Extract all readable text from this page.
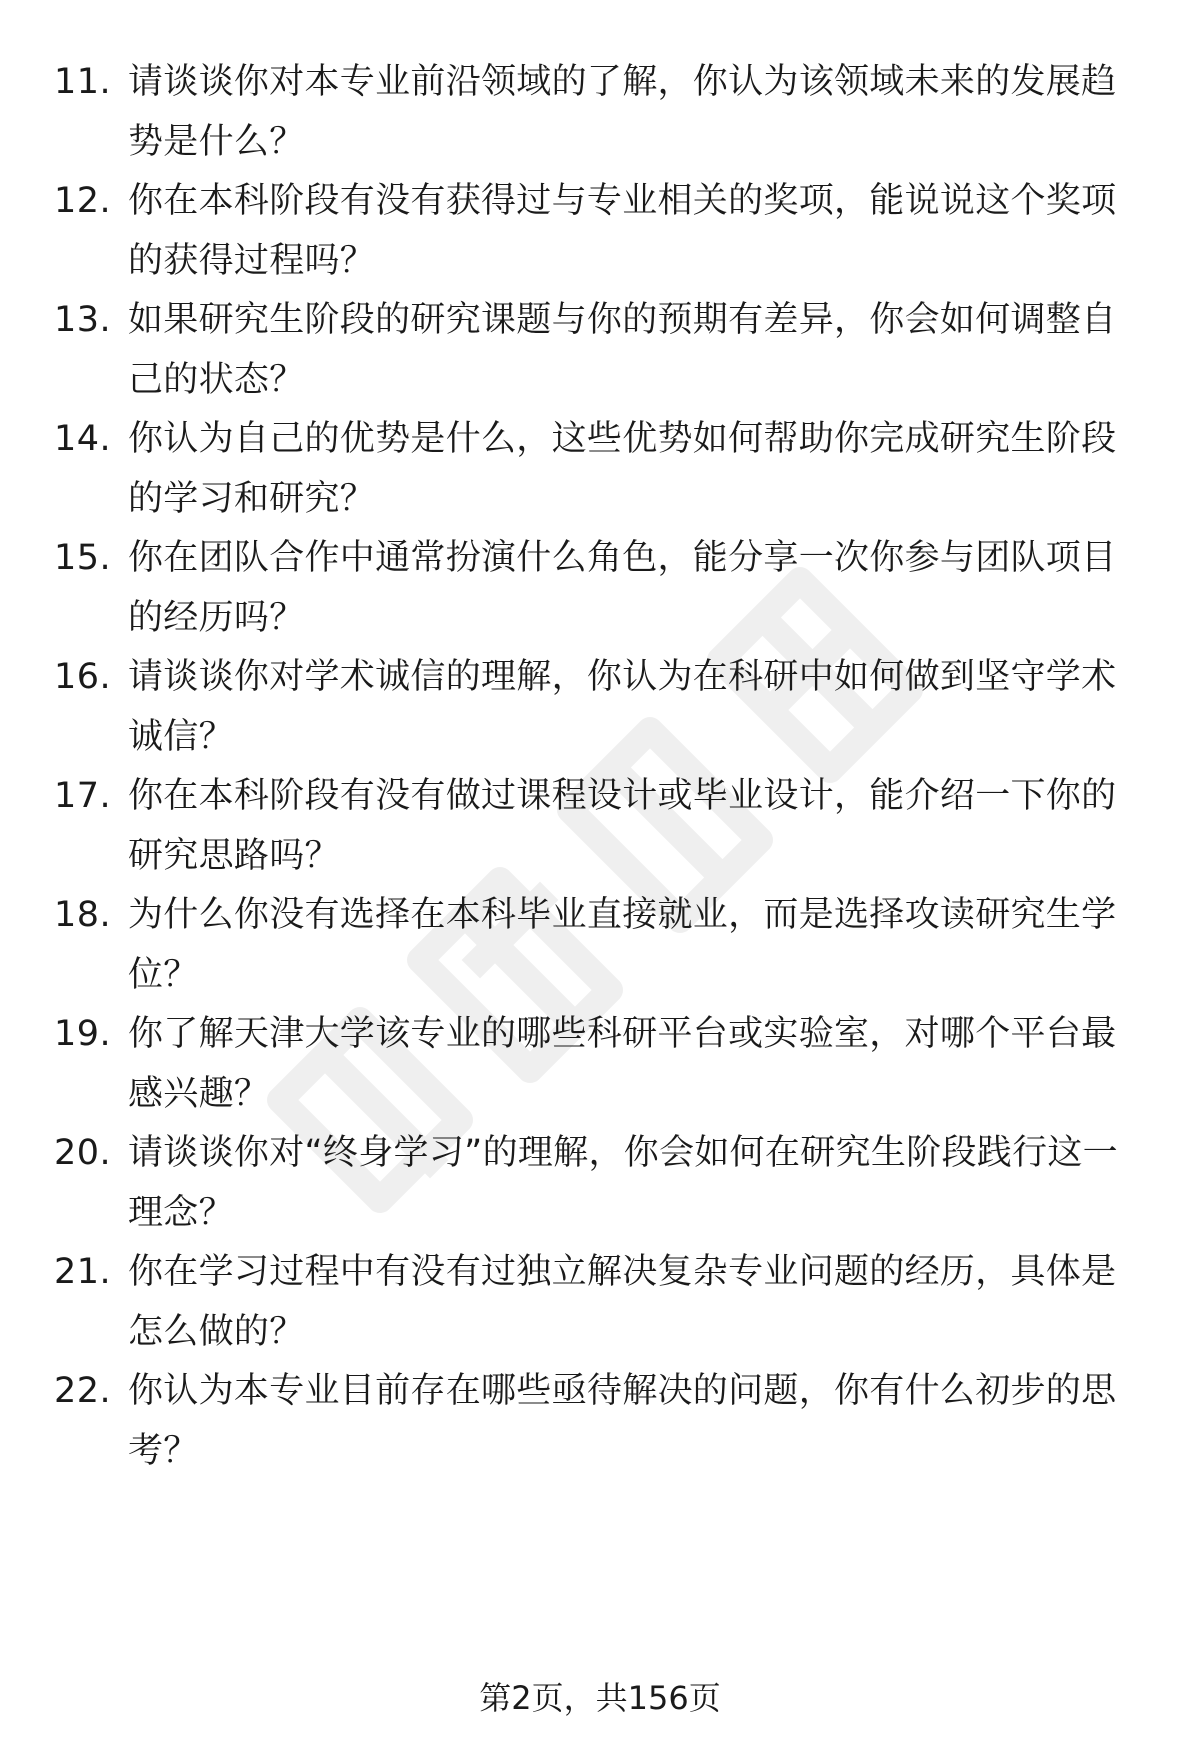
11. 请谈谈你对本专业前沿领域的了解，你认为该领域未来的发展趋势是什么？
12. 你在本科阶段有没有获得过与专业相关的奖项，能说说这个奖项的获得过程吗？
13. 如果研究生阶段的研究课题与你的预期有差异，你会如何调整自己的状态？
14. 你认为自己的优势是什么，这些优势如何帮助你完成研究生阶段的学习和研究？
15. 你在团队合作中通常扮演什么角色，能分享一次你参与团队项目的经历吗？
16. 请谈谈你对学术诚信的理解，你认为在科研中如何做到坚守学术诚信？
17. 你在本科阶段有没有做过课程设计或毕业设计，能介绍一下你的研究思路吗？
18. 为什么你没有选择在本科毕业直接就业，而是选择攻读研究生学位？
19. 你了解天津大学该专业的哪些科研平台或实验室，对哪个平台最感兴趣？
20. 请谈谈你对“终身学习”的理解，你会如何在研究生阶段践行这一理念？
21. 你在学习过程中有没有过独立解决复杂专业问题的经历，具体是怎么做的？
22. 你认为本专业目前存在哪些亟待解决的问题，你有什么初步的思考？
第2页，共156页
